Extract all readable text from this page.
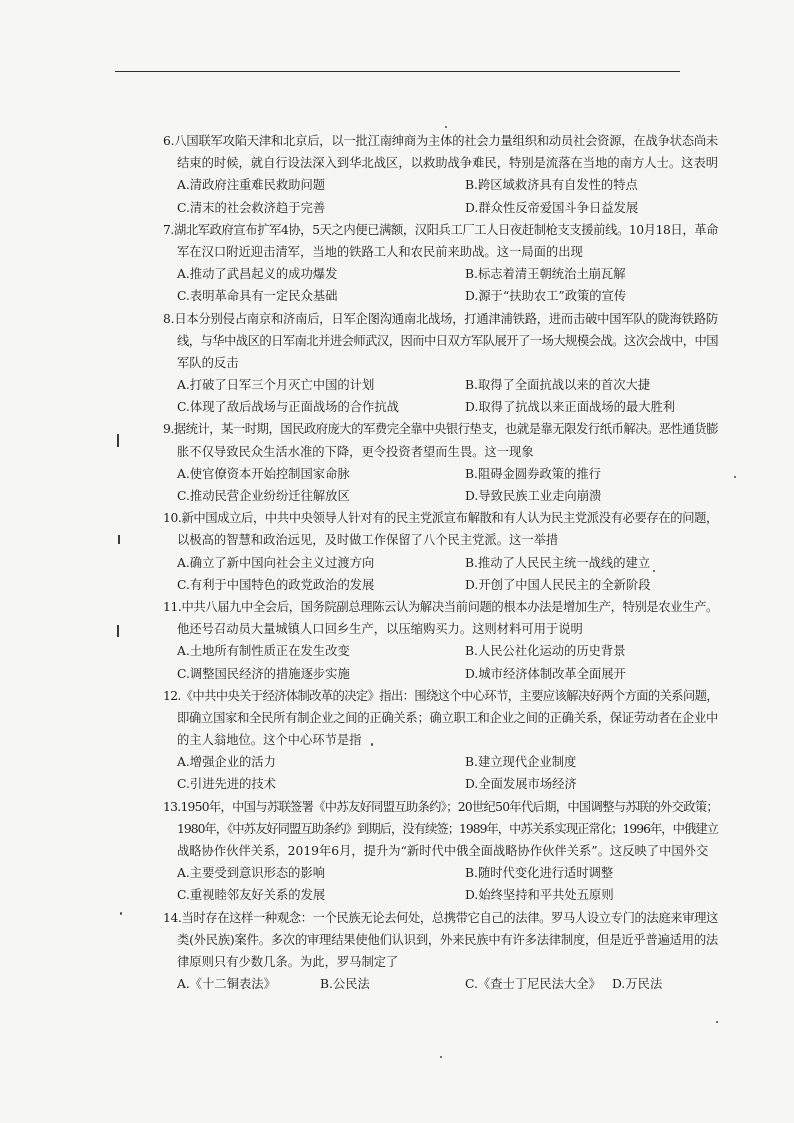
6.八国联军攻陷天津和北京后，以一批江南绅商为主体的社会力量组织和动员社会资源，在战争状态尚未
结束的时候，就自行设法深入到华北战区，以救助战争难民，特别是流落在当地的南方人士。这表明
A.清政府注重难民救助问题	B.跨区域救济具有自发性的特点
C.清末的社会救济趋于完善	D.群众性反帝爱国斗争日益发展
7.湖北军政府宣布扩军4协，5天之内便已满额，汉阳兵工厂工人日夜赶制枪支支援前线。10月18日，革命
军在汉口附近迎击清军，当地的铁路工人和农民前来助战。这一局面的出现
A.推动了武昌起义的成功爆发	B.标志着清王朝统治土崩瓦解
C.表明革命具有一定民众基础	D.源于“扶助农工”政策的宣传
8.日本分别侵占南京和济南后，日军企图沟通南北战场，打通津浦铁路，进而击破中国军队的陇海铁路防
线，与华中战区的日军南北并进会师武汉，因而中日双方军队展开了一场大规模会战。这次会战中，中国
军队的反击
A.打破了日军三个月灭亡中国的计划	B.取得了全面抗战以来的首次大捷
C.体现了敌后战场与正面战场的合作抗战	D.取得了抗战以来正面战场的最大胜利
9.据统计，某一时期，国民政府庞大的军费完全靠中央银行垫支，也就是靠无限发行纸币解决。恶性通货膨
胀不仅导致民众生活水准的下降，更令投资者望而生畏。这一现象
A.使官僚资本开始控制国家命脉	B.阻碍金圆券政策的推行
C.推动民营企业纷纷迁往解放区	D.导致民族工业走向崩溃
10.新中国成立后，中共中央领导人针对有的民主党派宣布解散和有人认为民主党派没有必要存在的问题，
以极高的智慧和政治远见，及时做工作保留了八个民主党派。这一举措
A.确立了新中国向社会主义过渡方向	B.推动了人民民主统一战线的建立
C.有利于中国特色的政党政治的发展	D.开创了中国人民民主的全新阶段
11.中共八届九中全会后，国务院副总理陈云认为解决当前问题的根本办法是增加生产，特别是农业生产。
他还号召动员大量城镇人口回乡生产，以压缩购买力。这则材料可用于说明
A.土地所有制性质正在发生改变	B.人民公社化运动的历史背景
C.调整国民经济的措施逐步实施	D.城市经济体制改革全面展开
12.《中共中央关于经济体制改革的决定》指出：围绕这个中心环节，主要应该解决好两个方面的关系问题，
即确立国家和全民所有制企业之间的正确关系；确立职工和企业之间的正确关系，保证劳动者在企业中
的主人翁地位。这个中心环节是指
A.增强企业的活力	B.建立现代企业制度
C.引进先进的技术	D.全面发展市场经济
13.1950年，中国与苏联签署《中苏友好同盟互助条约》；20世纪50年代后期，中国调整与苏联的外交政策；
1980年，《中苏友好同盟互助条约》到期后，没有续签；1989年，中苏关系实现正常化；1996年，中俄建立
战略协作伙伴关系，2019年6月，提升为“新时代中俄全面战略协作伙伴关系”。这反映了中国外交
A.主要受到意识形态的影响	B.随时代变化进行适时调整
C.重视睦邻友好关系的发展	D.始终坚持和平共处五原则
14.当时存在这样一种观念：一个民族无论去何处，总携带它自己的法律。罗马人设立专门的法庭来审理这
类(外民族)案件。多次的审理结果使他们认识到，外来民族中有许多法律制度，但是近乎普遍适用的法
律原则只有少数几条。为此，罗马制定了
A.《十二铜表法》	B.公民法	C.《查士丁尼民法大全》 D.万民法
